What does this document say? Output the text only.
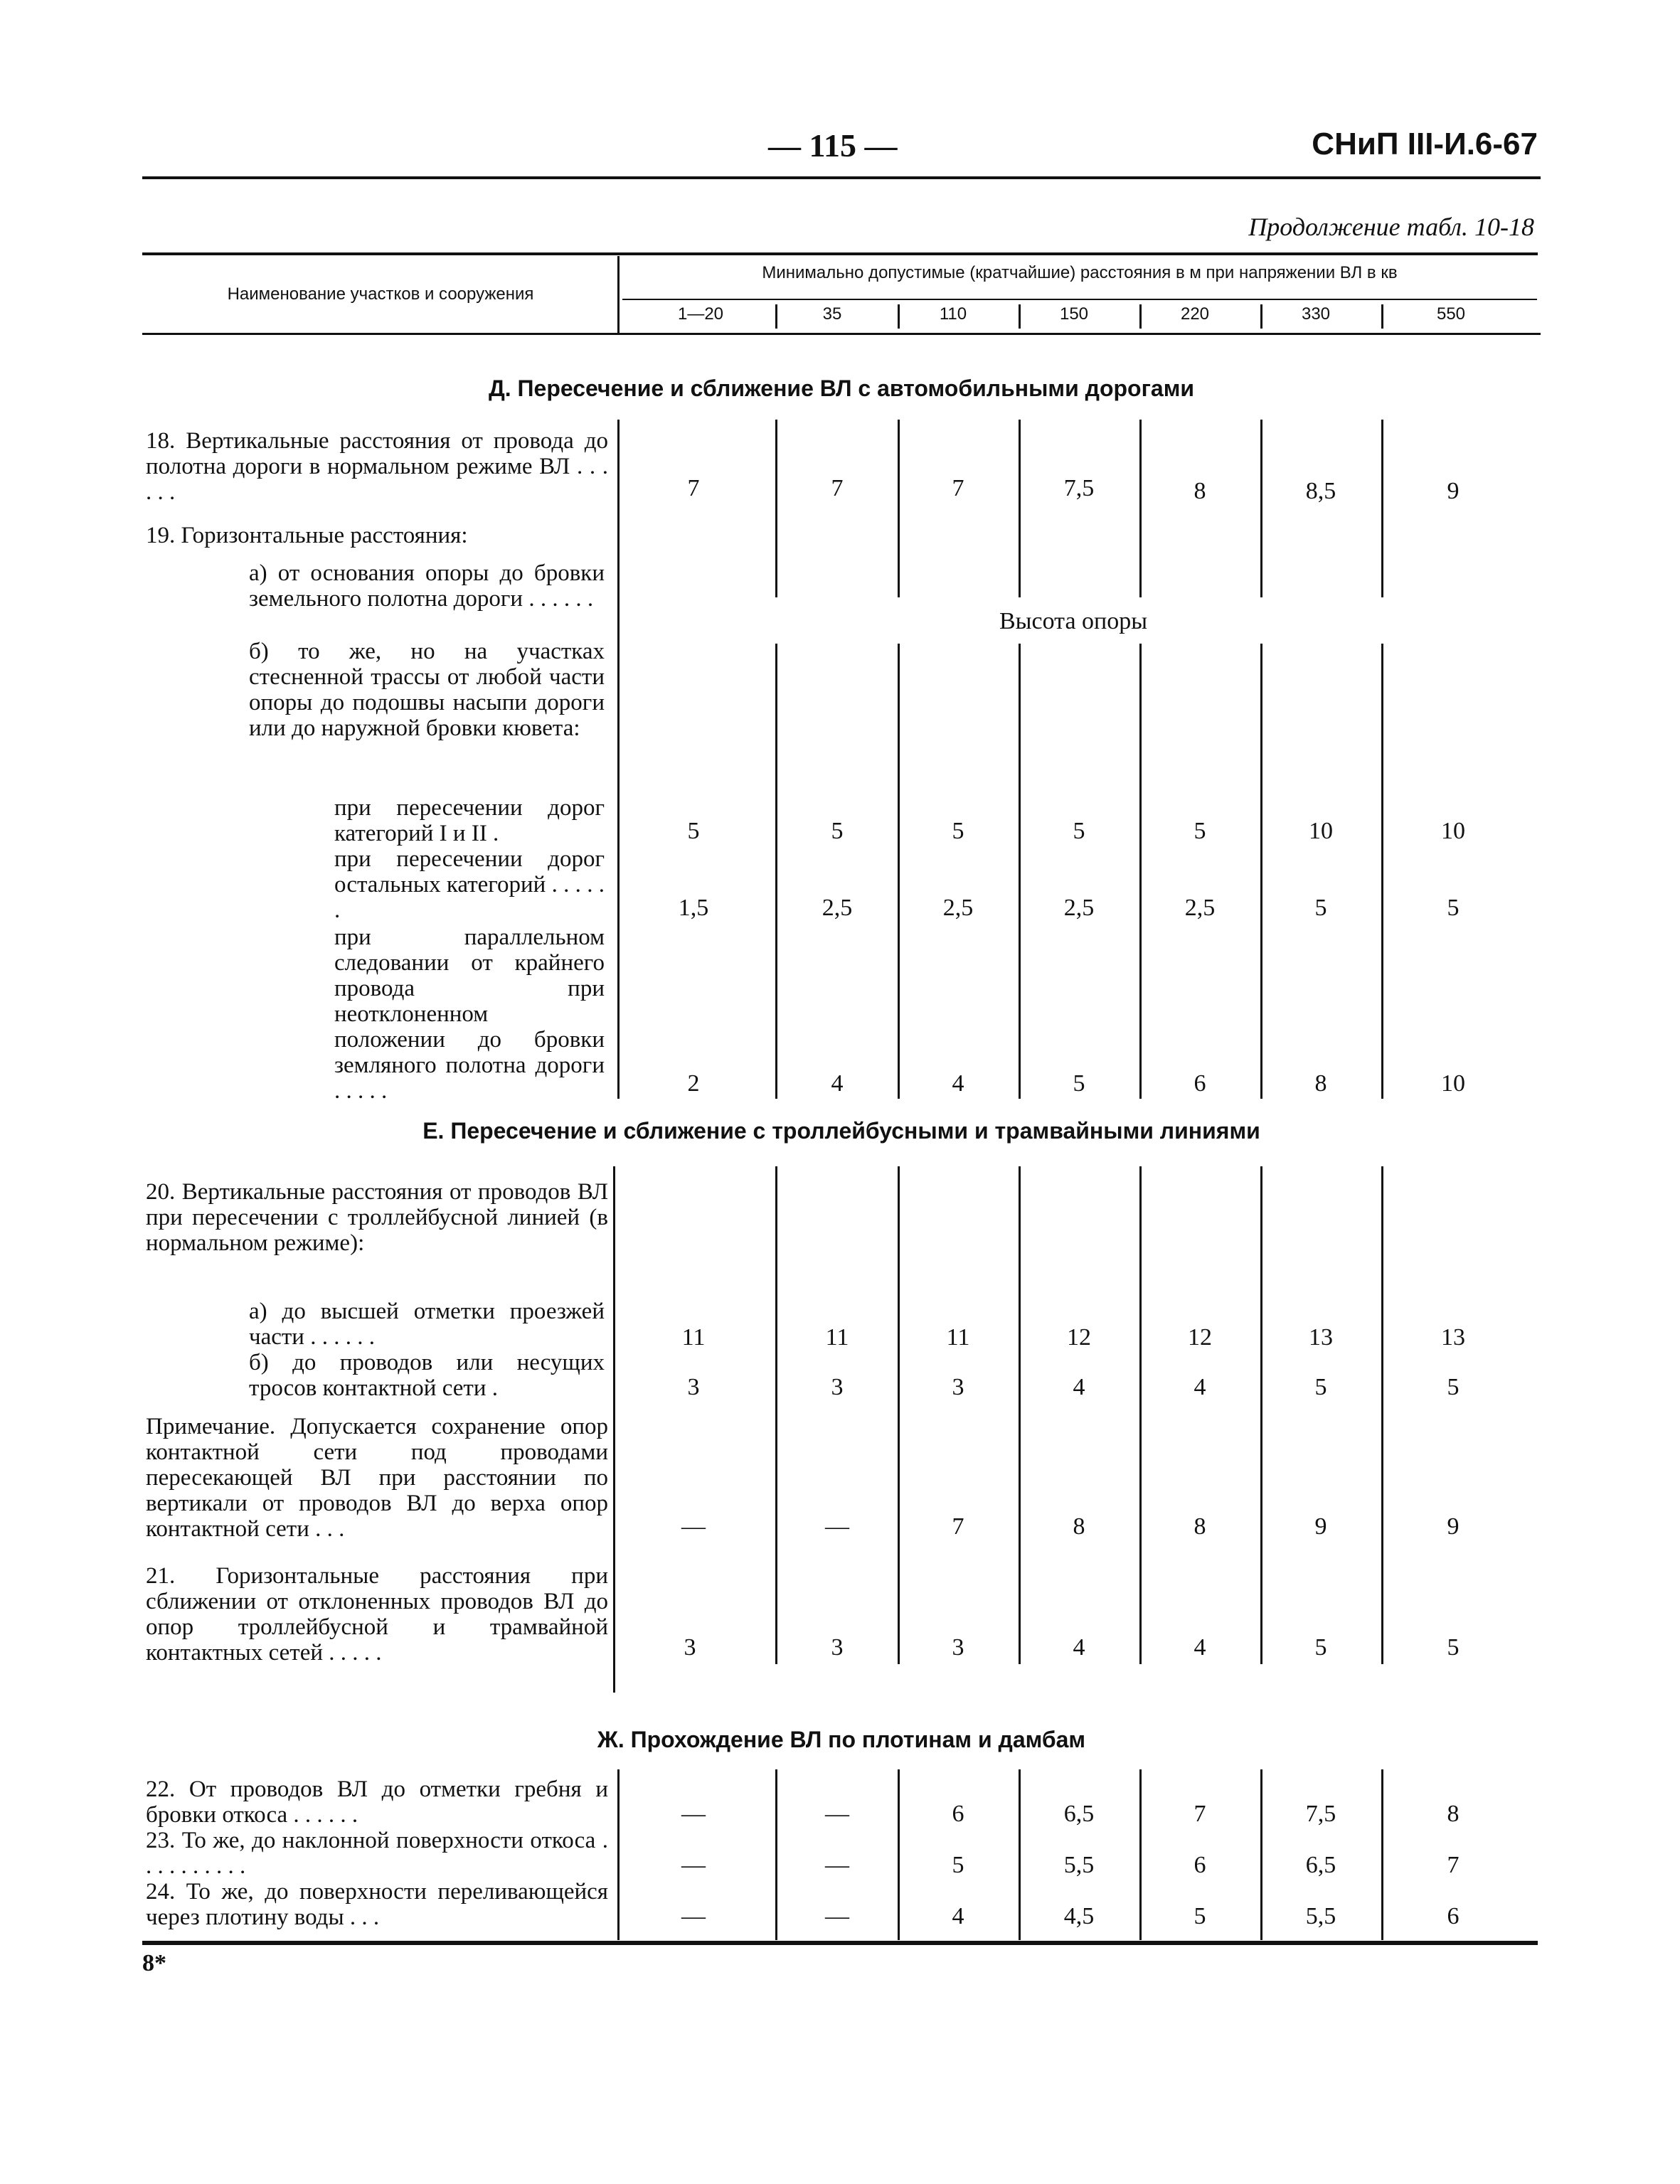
— 115 —	СНиП III-И.6-67
Продолжение табл. 10-18
Наименование участков и сооружения
Минимально допустимые (кратчайшие) расстояния в м при напряжении ВЛ в кв
1—20	35	110	150	220	330	550
Д. Пересечение и сближение ВЛ с автомобильными дорогами
18. Вертикальные расстояния от провода до полотна дороги в нормальном режиме ВЛ . . . . . .	7	7	7	7,5	8	8,5	9
19. Горизонтальные расстояния:
а) от основания опоры до бровки земельного полотна дороги . . . . . .
Высота опоры
б) то же, но на участках стесненной трассы от любой части опоры до подошвы насыпи дороги или до наружной бровки кювета:
при пересечении дорог категорий I и II .	5	5	5	5	5	10	10
при пересечении дорог остальных категорий . . . . . .	1,5	2,5	2,5	2,5	2,5	5	5
при параллельном следовании от крайнего провода при неотклоненном положении до бровки земляного полотна дороги . . . . .	2	4	4	5	6	8	10
Е. Пересечение и сближение с троллейбусными и трамвайными линиями
20. Вертикальные расстояния от проводов ВЛ при пересечении с троллейбусной линией (в нормальном режиме):
а) до высшей отметки проезжей части . . . . . .	11	11	11	12	12	13	13
б) до проводов или несущих тросов контактной сети .	3	3	3	4	4	5	5
Примечание. Допускается сохранение опор контактной сети под проводами пересекающей ВЛ при расстоянии по вертикали от проводов ВЛ до верха опор контактной сети . . .	—	—	7	8	8	9	9
21. Горизонтальные расстояния при сближении от отклоненных проводов ВЛ до опор троллейбусной и трамвайной контактных сетей . . . . .	3	3	3	4	4	5	5
Ж. Прохождение ВЛ по плотинам и дамбам
22. От проводов ВЛ до отметки гребня и бровки откоса . . . . . .	—	—	6	6,5	7	7,5	8
23. То же, до наклонной поверхности откоса . . . . . . . . . .	—	—	5	5,5	6	6,5	7
24. То же, до поверхности переливающейся через плотину воды . . .	—	—	4	4,5	5	5,5	6
8*
